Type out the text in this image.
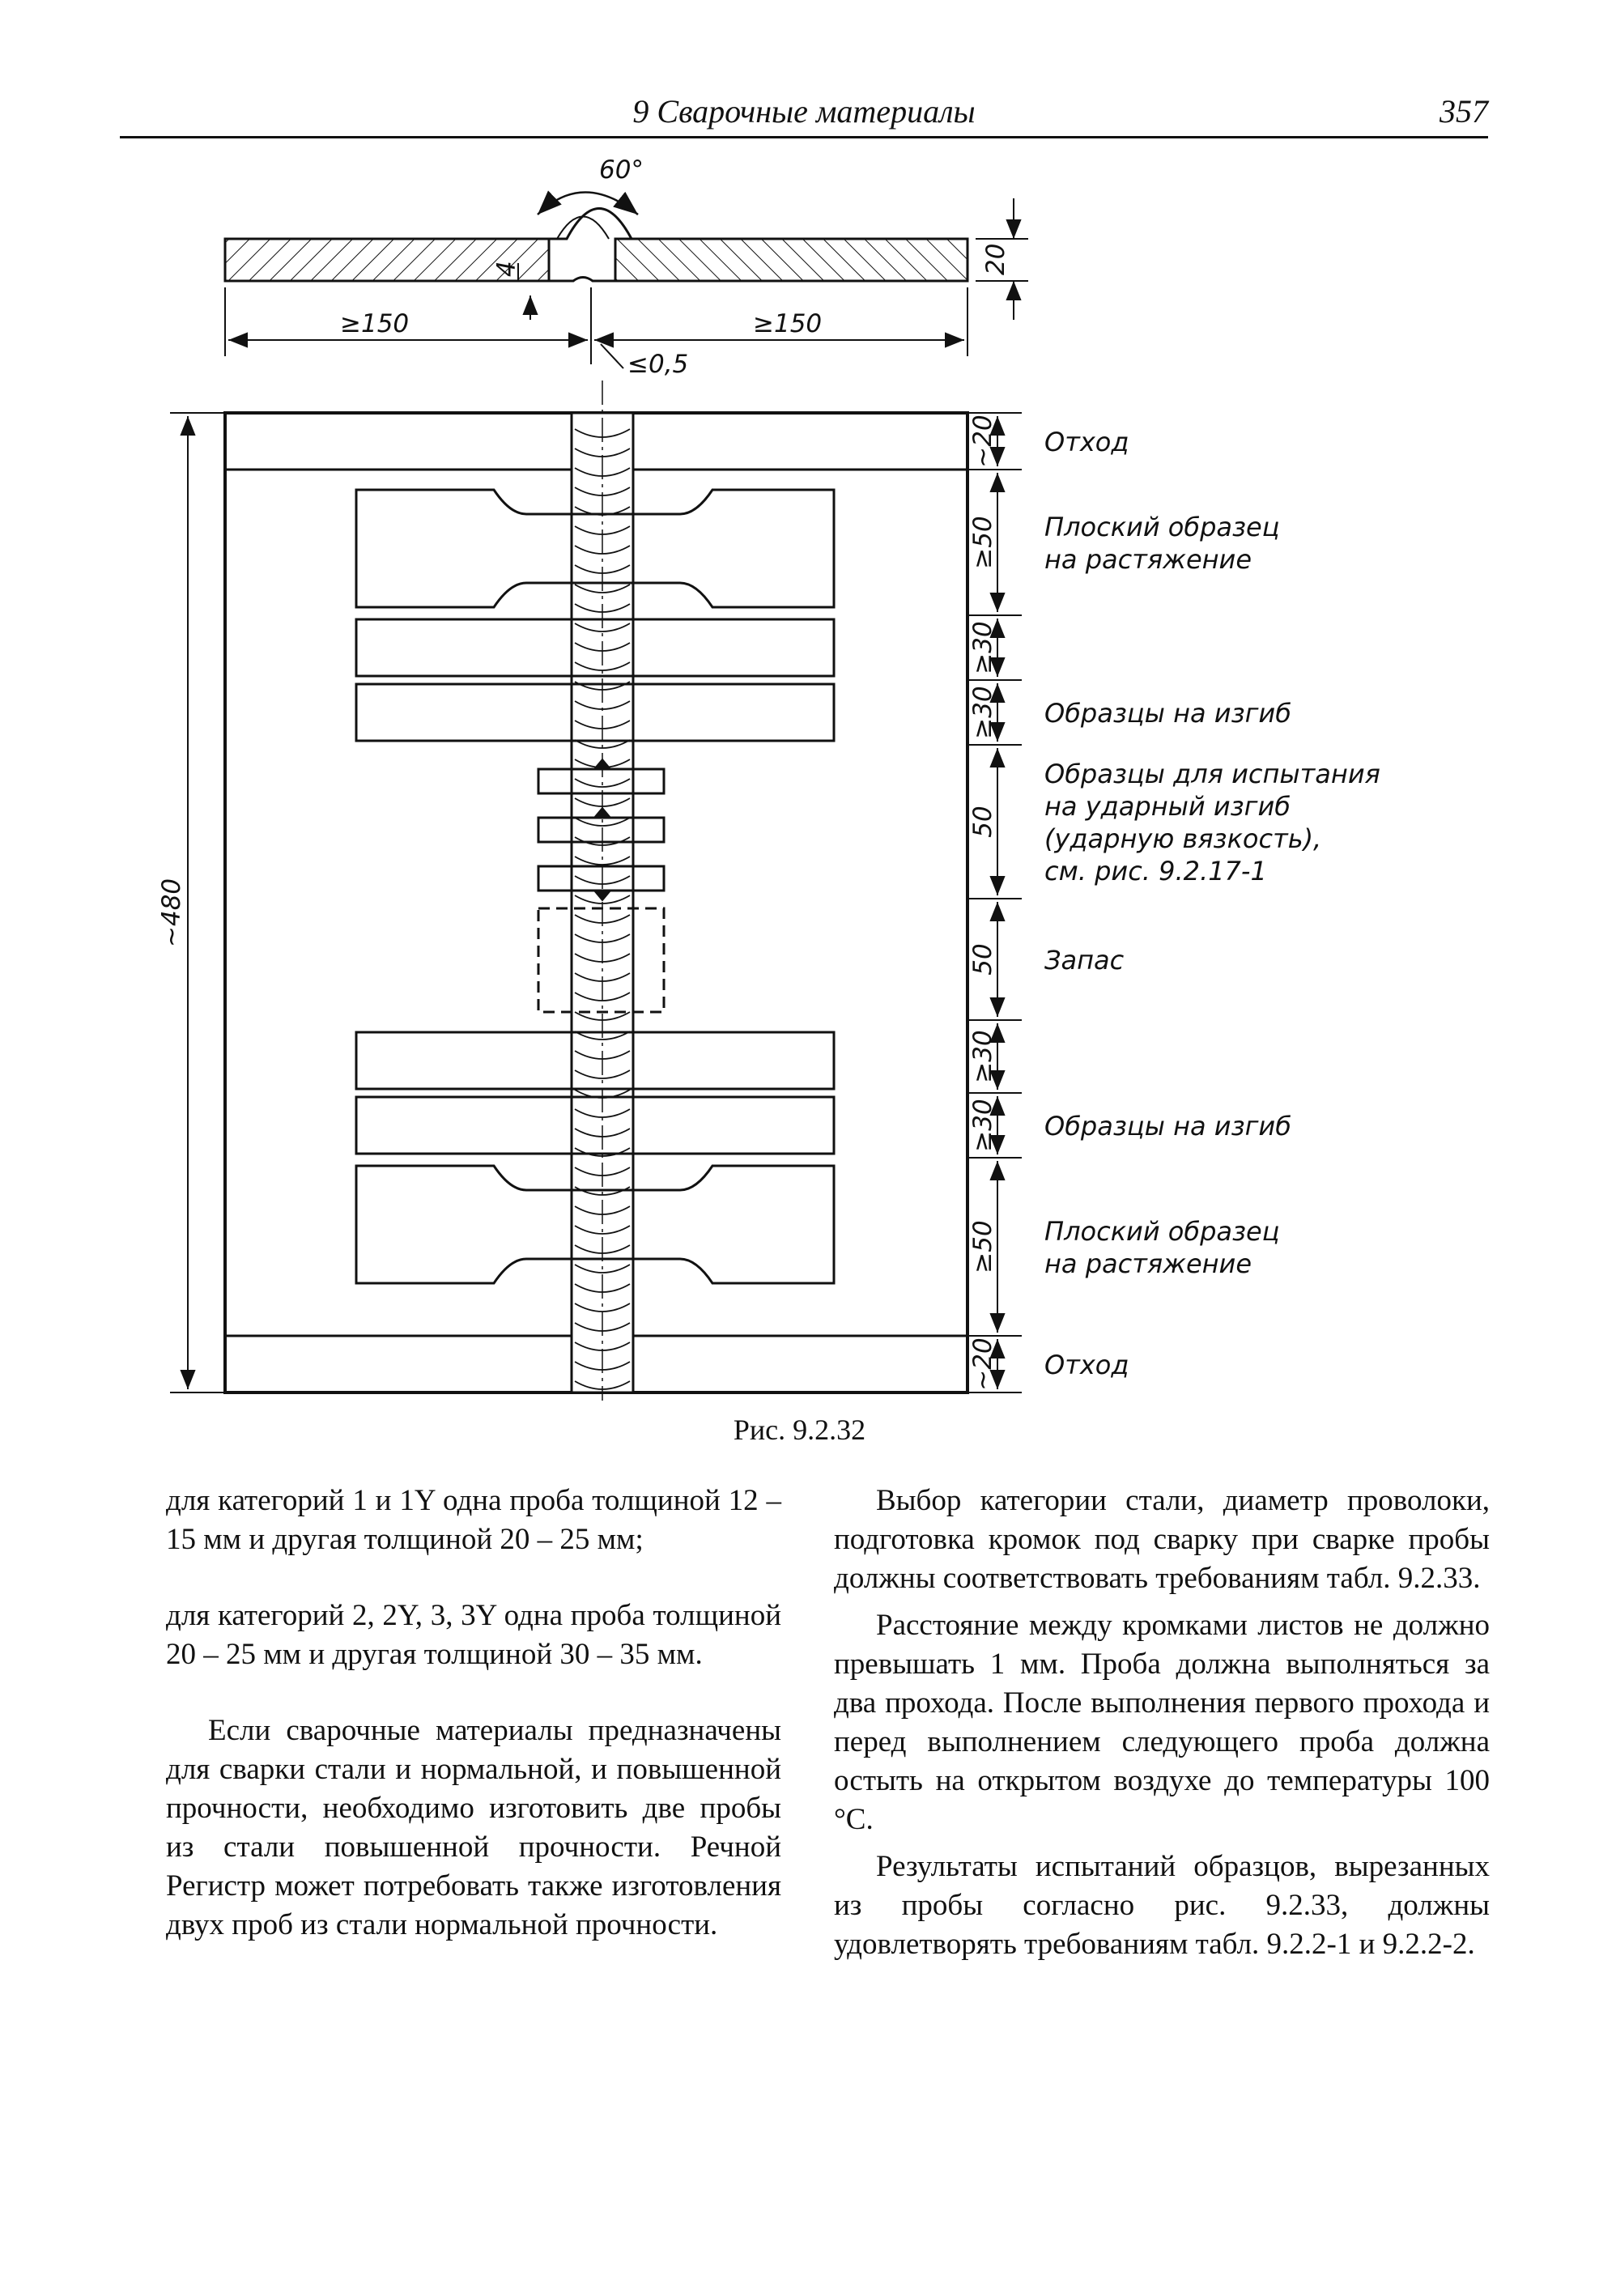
9 Сварочные материалы	357
60°
4	20
≥150	≥150
≤0,5
~480
~20 Отход
≥50 Плоский образец
на растяжение
≥30
≥30 Образцы на изгиб
50
Образцы для испытания
на ударный изгиб
(ударную вязкость),
см. рис. 9.2.17-1
50 Запас
≥30
≥30 Образцы на изгиб
≥50 Плоский образец
на растяжение
~20 Отход
Рис. 9.2.32

для категорий 1 и 1Y одна проба толщиной 12 – 15 мм и другая толщиной 20 – 25 мм;

для категорий 2, 2Y, 3, 3Y одна проба толщиной 20 – 25 мм и другая толщиной 30 – 35 мм.

Если сварочные материалы предназначены для сварки стали и нормальной, и повышенной прочности, необходимо изготовить две пробы из стали повышенной прочности. Речной Регистр может потребовать также изготовления двух проб из стали нормальной прочности.

Выбор категории стали, диаметр проволоки, подготовка кромок под сварку при сварке пробы должны соответствовать требованиям табл. 9.2.33.

Расстояние между кромками листов не должно превышать 1 мм. Проба должна выполняться за два прохода. После выполнения первого прохода и перед выполнением следующего проба должна остыть на открытом воздухе до температуры 100 °С.

Результаты испытаний образцов, вырезанных из пробы согласно рис. 9.2.33, должны удовлетворять требованиям табл. 9.2.2-1 и 9.2.2-2.
